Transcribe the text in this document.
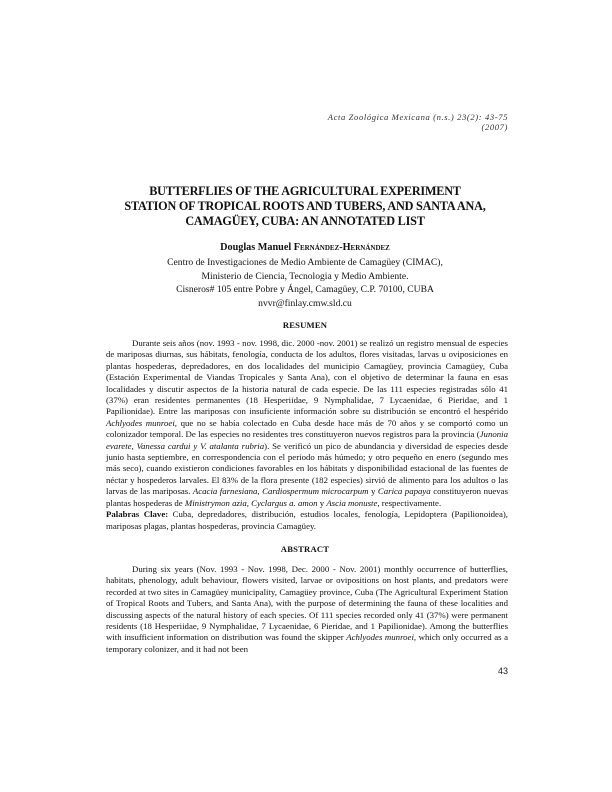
Acta Zoológica Mexicana (n.s.) 23(2): 43-75 (2007)
BUTTERFLIES OF THE AGRICULTURAL EXPERIMENT
STATION OF TROPICAL ROOTS AND TUBERS, AND SANTA ANA,
CAMAGÜEY, CUBA: AN ANNOTATED LIST
Douglas Manuel Fernández-Hernández
Centro de Investigaciones de Medio Ambiente de Camagüey (CIMAC),
Ministerio de Ciencia, Tecnologia y Medio Ambiente.
Cisneros# 105 entre Pobre y Ángel, Camagüey, C.P. 70100, CUBA
nvvr@finlay.cmw.sld.cu
RESUMEN

Durante seis años (nov. 1993 - nov. 1998, dic. 2000 -nov. 2001) se realizó un registro mensual de especies de mariposas diurnas, sus hábitats, fenología, conducta de los adultos, flores visitadas, larvas u oviposiciones en plantas hospederas, depredadores, en dos localidades del municipio Camagüey, provincia Camagüey, Cuba (Estación Experimental de Viandas Tropicales y Santa Ana), con el objetivo de determinar la fauna en esas localidades y discutir aspectos de la historia natural de cada especie. De las 111 especies registradas sólo 41 (37%) eran residentes permanentes (18 Hesperiidae, 9 Nymphalidae, 7 Lycaenidae, 6 Pieridae, and 1 Papilionidae). Entre las mariposas con insuficiente información sobre su distribución se encontró el hespérido Achlyodes munroei, que no se había colectado en Cuba desde hace más de 70 años y se comportó como un colonizador temporal. De las especies no residentes tres constituyeron nuevos registros para la provincia (Junonia evarete, Vanessa cardui y V. atalanta rubria). Se verificó un pico de abundancia y diversidad de especies desde junio hasta septiembre, en correspondencia con el periodo más húmedo; y otro pequeño en enero (segundo mes más seco), cuando existieron condiciones favorables en los hábitats y disponibilidad estacional de las fuentes de néctar y hospederos larvales. El 83% de la flora presente (182 especies) sirvió de alimento para los adultos o las larvas de las mariposas. Acacia farnesiana, Cardiospermum microcarpum y Carica papaya constituyeron nuevas plantas hospederas de Ministrymon azia, Cyclargus a. amon y Ascia monuste, respectivamente.

Palabras Clave: Cuba, depredadores, distribución, estudios locales, fenología, Lepidoptera (Papilionoidea), mariposas plagas, plantas hospederas, provincia Camagüey.
ABSTRACT

During six years (Nov. 1993 - Nov. 1998, Dec. 2000 - Nov. 2001) monthly occurrence of butterflies, habitats, phenology, adult behaviour, flowers visited, larvae or ovipositions on host plants, and predators were recorded at two sites in Camagüey municipality, Camagüey province, Cuba (The Agricultural Experiment Station of Tropical Roots and Tubers, and Santa Ana), with the purpose of determining the fauna of these localities and discussing aspects of the natural history of each species. Of 111 species recorded only 41 (37%) were permanent residents (18 Hesperiidae, 9 Nymphalidae, 7 Lycaenidae, 6 Pieridae, and 1 Papilionidae). Among the butterflies with insufficient information on distribution was found the skipper Achlyodes munroei, which only occurred as a temporary colonizer, and it had not been

43
